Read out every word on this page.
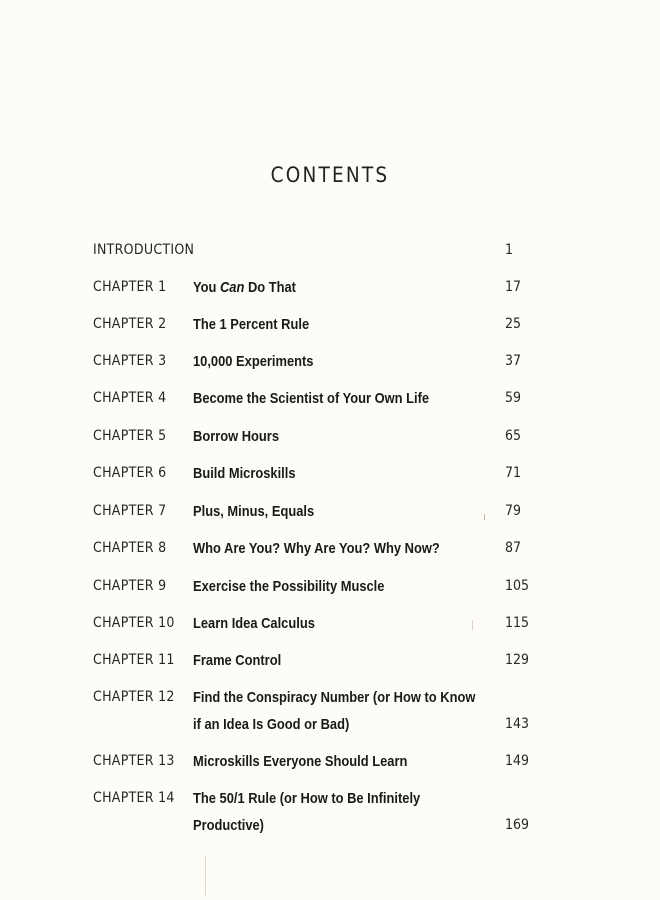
CONTENTS
INTRODUCTION	1
CHAPTER 1 You Can Do That	17
CHAPTER 2 The 1 Percent Rule	25
CHAPTER 3 10,000 Experiments	37
CHAPTER 4 Become the Scientist of Your Own Life	59
CHAPTER 5 Borrow Hours	65
CHAPTER 6 Build Microskills	71
CHAPTER 7 Plus, Minus, Equals	79
CHAPTER 8 Who Are You? Why Are You? Why Now?	87
CHAPTER 9 Exercise the Possibility Muscle	105
CHAPTER 10 Learn Idea Calculus	115
CHAPTER 11 Frame Control	129
CHAPTER 12 Find the Conspiracy Number (or How to Know
if an Idea Is Good or Bad)	143
CHAPTER 13 Microskills Everyone Should Learn	149
CHAPTER 14 The 50/1 Rule (or How to Be Infinitely
Productive)	169
